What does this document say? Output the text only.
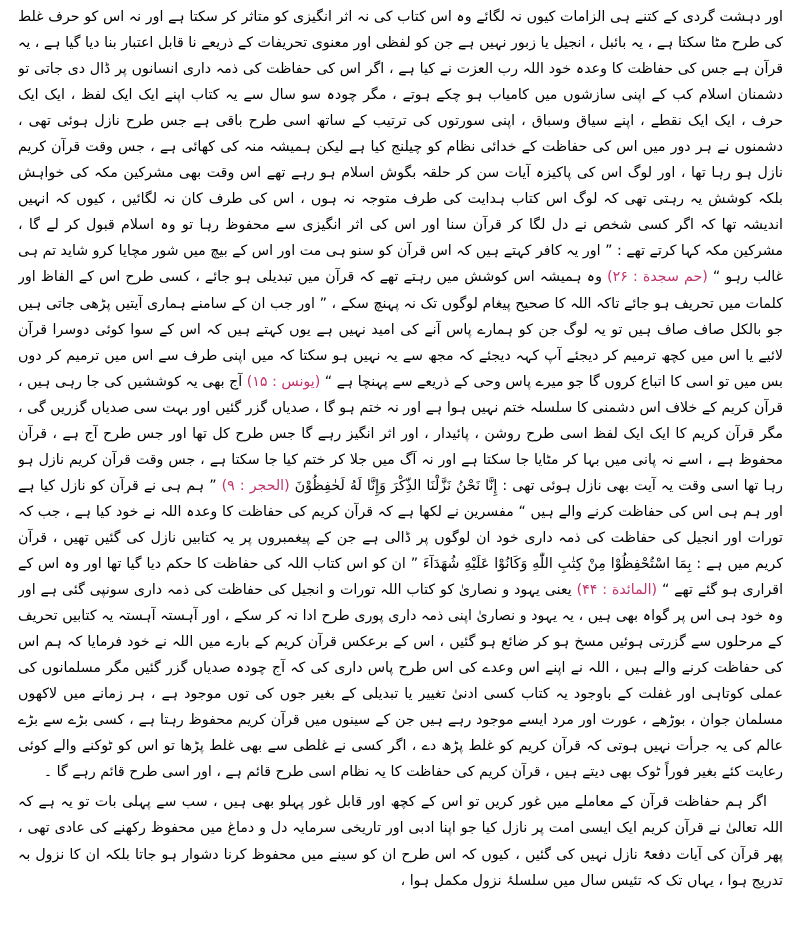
اور دہشت گردی کے کتنے ہی الزامات کیوں نہ لگائے وہ اس کتاب کی نہ اثر انگیزی کو متاثر کر سکتا ہے اور نہ اس کو حرف غلط کی طرح مٹا سکتا ہے ، یہ بائبل ، انجیل یا زبور نہیں ہے جن کو لفظی اور معنوی تحریفات کے ذریعے نا قابل اعتبار بنا دیا گیا ہے ، یہ قرآن ہے جس کی حفاظت کا وعدہ خود اللہ رب العزت نے کیا ہے ، اگر اس کی حفاظت کی ذمہ داری انسانوں پر ڈال دی جاتی تو دشمنان اسلام کب کے اپنی سازشوں میں کامیاب ہو چکے ہوتے ، مگر چودہ سو سال سے یہ کتاب اپنے ایک ایک لفظ ، ایک ایک حرف ، ایک ایک نقطے ، اپنے سیاق وسباق ، اپنی سورتوں کی ترتیب کے ساتھ اسی طرح باقی ہے جس طرح نازل ہوئی تھی ، دشمنوں نے ہر دور میں اس کی حفاظت کے خدائی نظام کو چیلنج کیا ہے لیکن ہمیشہ منہ کی کھائی ہے ، جس وقت قرآن کریم نازل ہو رہا تھا ، اور لوگ اس کی پاکیزہ آیات سن کر حلقہ بگوش اسلام ہو رہے تھے اس وقت بھی مشرکین مکہ کی خواہش بلکہ کوشش یہ رہتی تھی کہ لوگ اس کتاب ہدایت کی طرف متوجہ نہ ہوں ، اس کی طرف کان نہ لگائیں ، کیوں کہ انہیں اندیشہ تھا کہ اگر کسی شخص نے دل لگا کر قرآن سنا اور اس کی اثر انگیزی سے محفوظ رہا تو وہ اسلام قبول کر لے گا ، مشرکین مکہ کہا کرتے تھے : ” اور یہ کافر کہتے ہیں کہ اس قرآن کو سنو ہی مت اور اس کے بیچ میں شور مچایا کرو شاید تم ہی غالب رہو “ (حم سجدة : ۲۶) وہ ہمیشہ اس کوشش میں رہتے تھے کہ قرآن میں تبدیلی ہو جائے ، کسی طرح اس کے الفاظ اور کلمات میں تحریف ہو جائے تاکہ اللہ کا صحیح پیغام لوگوں تک نہ پہنچ سکے ، ” اور جب ان کے سامنے ہماری آیتیں پڑھی جاتی ہیں جو بالکل صاف صاف ہیں تو یہ لوگ جن کو ہمارے پاس آنے کی امید نہیں ہے یوں کہتے ہیں کہ اس کے سوا کوئی دوسرا قرآن لائیے یا اس میں کچھ ترمیم کر دیجئے آپ کہہ دیجئے کہ مجھ سے یہ نہیں ہو سکتا کہ میں اپنی طرف سے اس میں ترمیم کر دوں بس میں تو اسی کا اتباع کروں گا جو میرے پاس وحی کے ذریعے سے پہنچا ہے “ (یونس : ۱۵) آج بھی یہ کوششیں کی جا رہی ہیں ، قرآن کریم کے خلاف اس دشمنی کا سلسلہ ختم نہیں ہوا ہے اور نہ ختم ہو گا ، صدیاں گزر گئیں اور بہت سی صدیاں گزریں گی ، مگر قرآن کریم کا ایک ایک لفظ اسی طرح روشن ، پائیدار ، اور اثر انگیز رہے گا جس طرح کل تھا اور جس طرح آج ہے ، قرآن محفوظ ہے ، اسے نہ پانی میں بہا کر مٹایا جا سکتا ہے اور نہ آگ میں جلا کر ختم کیا جا سکتا ہے ، جس وقت قرآن کریم نازل ہو رہا تھا اسی وقت یہ آیت بھی نازل ہوئی تھی : إِنَّا نَحْنُ نَزَّلْنَا الذِّكْرَ وَإِنَّا لَهُ لَحٰفِظُوْنَ (الحجر : ۹) ” ہم ہی نے قرآن کو نازل کیا ہے اور ہم ہی اس کی حفاظت کرنے والے ہیں “ مفسرین نے لکھا ہے کہ قرآن کریم کی حفاظت کا وعدہ اللہ نے خود کیا ہے ، جب کہ تورات اور انجیل کی حفاظت کی ذمہ داری خود ان لوگوں پر ڈالی ہے جن کے پیغمبروں پر یہ کتابیں نازل کی گئیں تھیں ، قرآن کریم میں ہے : بِمَا اسْتُحْفِظُوْا مِنْ كِتٰبِ اللّٰهِ وَكَانُوْا عَلَيْهِ شُهَدَآءَ ” ان کو اس کتاب اللہ کی حفاظت کا حکم دیا گیا تھا اور وہ اس کے اقراری ہو گئے تھے “ (المائدة : ۴۴) یعنی یہود و نصاریٰ کو کتاب اللہ تورات و انجیل کی حفاظت کی ذمہ داری سونپی گئی ہے اور وہ خود ہی اس پر گواہ بھی ہیں ، یہ یہود و نصاریٰ اپنی ذمہ داری پوری طرح ادا نہ کر سکے ، اور آہستہ آہستہ یہ کتابیں تحریف کے مرحلوں سے گزرتی ہوئیں مسخ ہو کر ضائع ہو گئیں ، اس کے برعکس قرآن کریم کے بارے میں اللہ نے خود فرمایا کہ ہم اس کی حفاظت کرنے والے ہیں ، اللہ نے اپنے اس وعدے کی اس طرح پاس داری کی کہ آج چودہ صدیاں گزر گئیں مگر مسلمانوں کی عملی کوتاہی اور غفلت کے باوجود یہ کتاب کسی ادنیٰ تغییر یا تبدیلی کے بغیر جوں کی توں موجود ہے ، ہر زمانے میں لاکھوں مسلمان جوان ، بوڑھے ، عورت اور مرد ایسے موجود رہے ہیں جن کے سینوں میں قرآن کریم محفوظ رہتا ہے ، کسی بڑے سے بڑے عالم کی یہ جرأت نہیں ہوتی کہ قرآن کریم کو غلط پڑھ دے ، اگر کسی نے غلطی سے بھی غلط پڑھا تو اس کو ٹوکنے والے کوئی رعایت کئے بغیر فوراً ٹوک بھی دیتے ہیں ، قرآن کریم کی حفاظت کا یہ نظام اسی طرح قائم ہے ، اور اسی طرح قائم رہے گا ۔

اگر ہم حفاظت قرآن کے معاملے میں غور کریں تو اس کے کچھ اور قابل غور پہلو بھی ہیں ، سب سے پہلی بات تو یہ ہے کہ اللہ تعالیٰ نے قرآن کریم ایک ایسی امت پر نازل کیا جو اپنا ادبی اور تاریخی سرمایہ دل و دماغ میں محفوظ رکھنے کی عادی تھی ، پھر قرآن کی آیات دفعۃً نازل نہیں کی گئیں ، کیوں کہ اس طرح ان کو سینے میں محفوظ کرنا دشوار ہو جاتا بلکہ ان کا نزول بہ تدریج ہوا ، یہاں تک کہ تئیس سال میں سلسلۂ نزول مکمل ہوا ،
